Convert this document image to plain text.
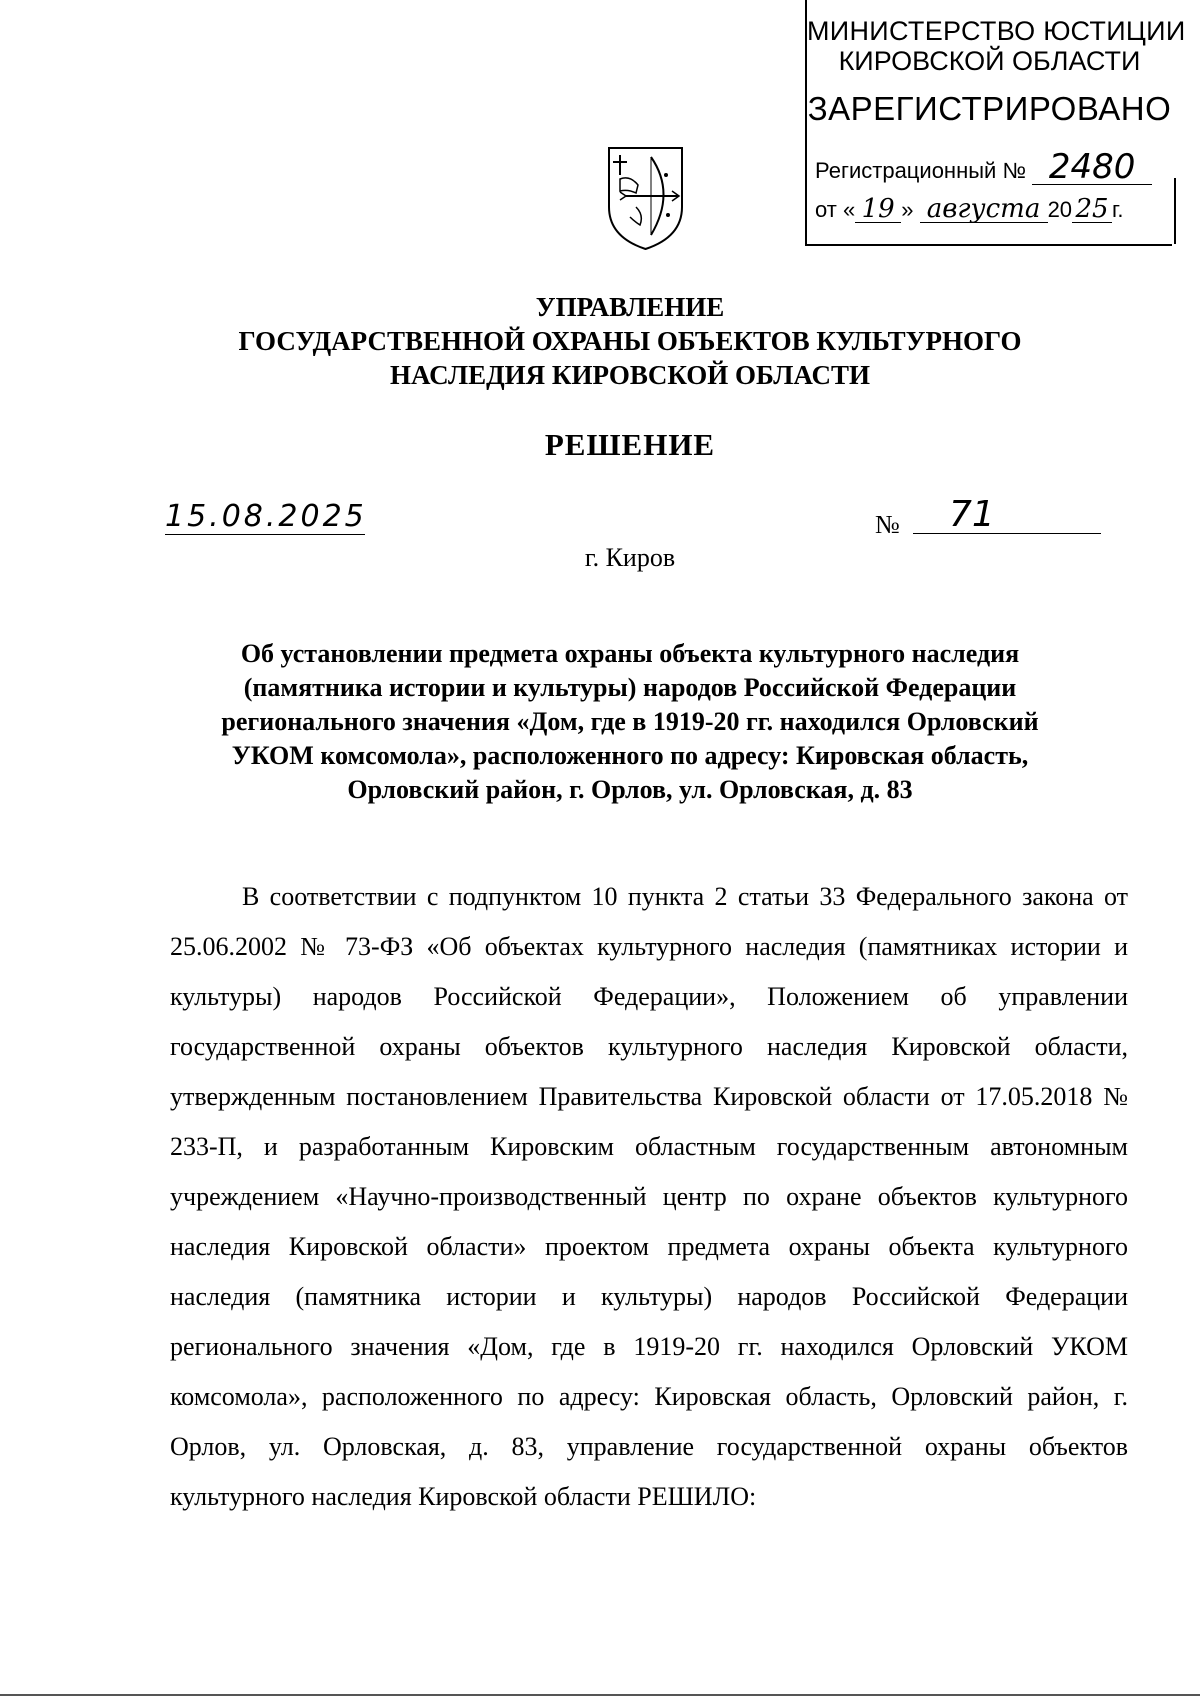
МИНИСТЕРСТВО ЮСТИЦИИ
КИРОВСКОЙ ОБЛАСТИ
ЗАРЕГИСТРИРОВАНО
Регистрационный № 2480
от « 19 » августа 20 25 г.
УПРАВЛЕНИЕ
ГОСУДАРСТВЕННОЙ ОХРАНЫ ОБЪЕКТОВ КУЛЬТУРНОГО
НАСЛЕДИЯ КИРОВСКОЙ ОБЛАСТИ
РЕШЕНИЕ
15.08.2025	№	71
г. Киров
Об установлении предмета охраны объекта культурного наследия
(памятника истории и культуры) народов Российской Федерации
регионального значения «Дом, где в 1919-20 гг. находился Орловский
УКОМ комсомола», расположенного по адресу: Кировская область,
Орловский район, г. Орлов, ул. Орловская, д. 83
В соответствии с подпунктом 10 пункта 2 статьи 33 Федерального закона от 25.06.2002 № 73-ФЗ «Об объектах культурного наследия (памятниках истории и культуры) народов Российской Федерации», Положением об управлении государственной охраны объектов культурного наследия Кировской области, утвержденным постановлением Правительства Кировской области от 17.05.2018 № 233-П, и разработанным Кировским областным государственным автономным учреждением «Научно-производственный центр по охране объектов культурного наследия Кировской области» проектом предмета охраны объекта культурного наследия (памятника истории и культуры) народов Российской Федерации регионального значения «Дом, где в 1919-20 гг. находился Орловский УКОМ комсомола», расположенного по адресу: Кировская область, Орловский район, г. Орлов, ул. Орловская, д. 83, управление государственной охраны объектов культурного наследия Кировской области РЕШИЛО:
